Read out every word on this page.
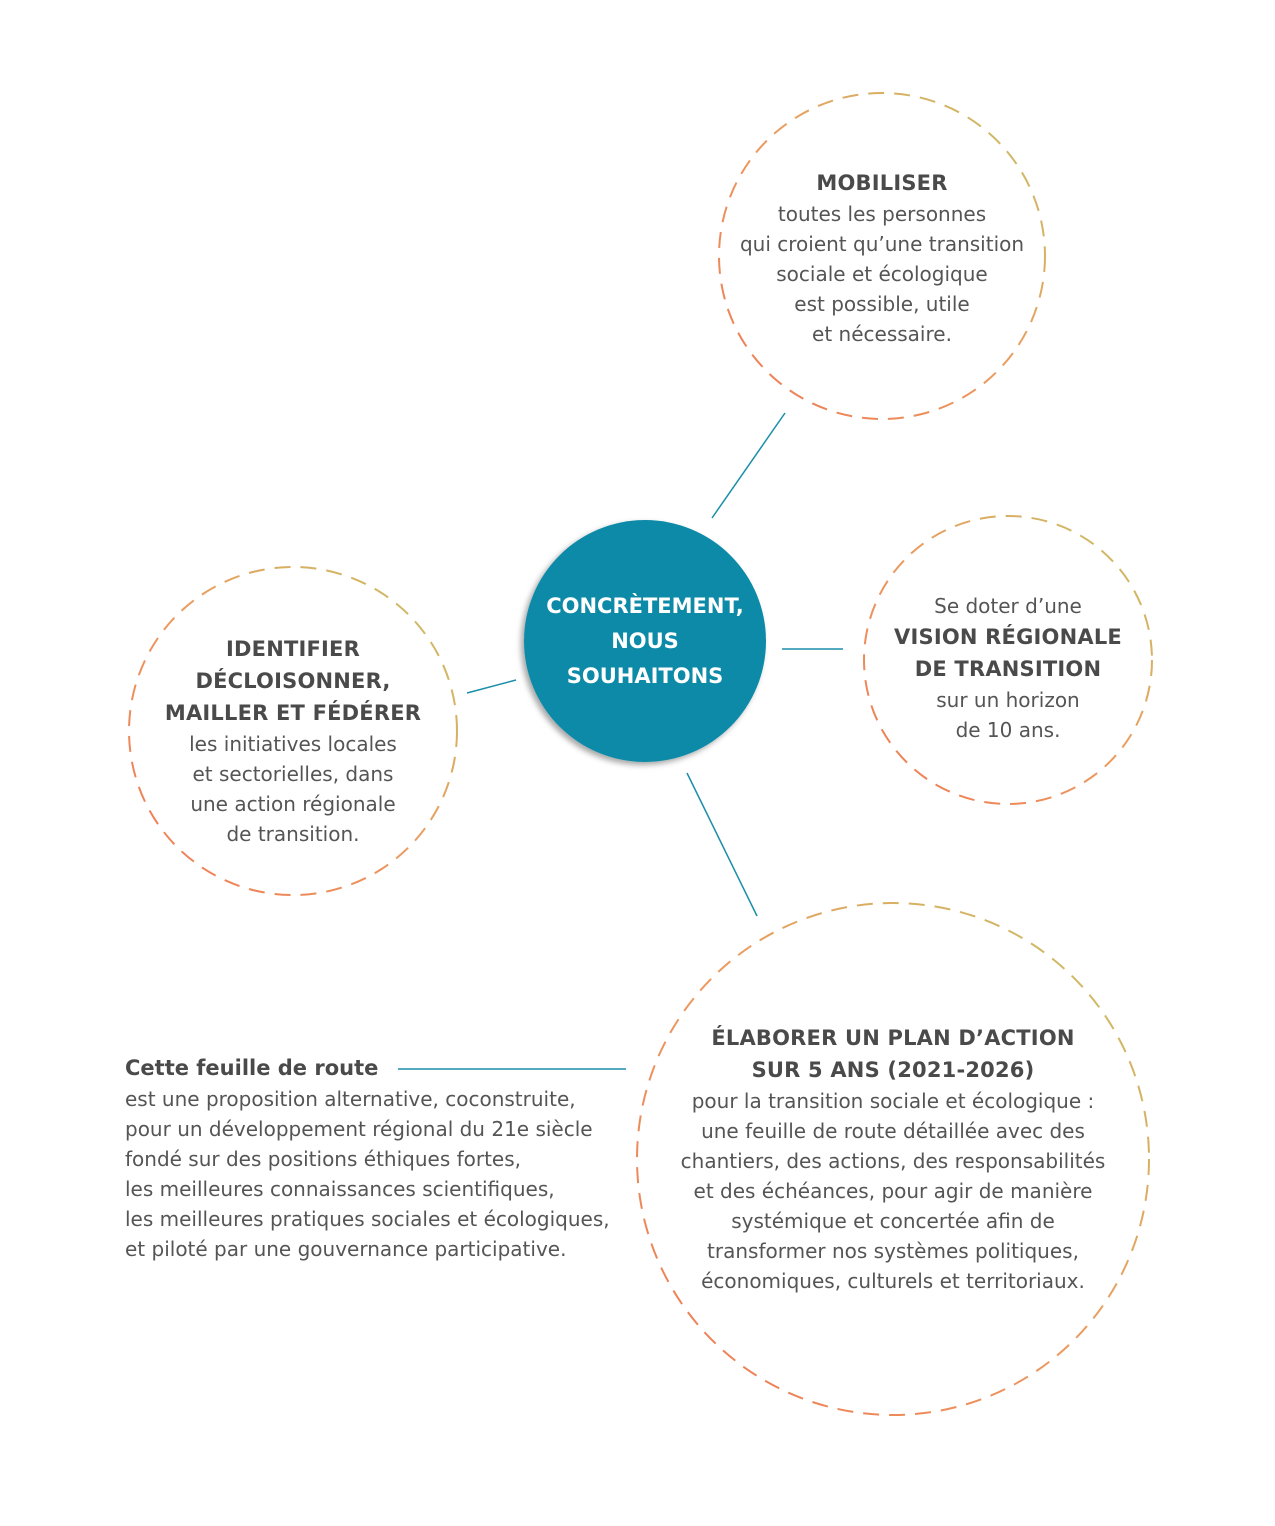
CONCRÈTEMENT,
NOUS
SOUHAITONS
MOBILISER
toutes les personnes
qui croient qu’une transition
sociale et écologique
est possible, utile
et nécessaire.
Se doter d’une
VISION RÉGIONALE
DE TRANSITION
sur un horizon
de 10 ans.
IDENTIFIER
DÉCLOISONNER,
MAILLER ET FÉDÉRER
les initiatives locales
et sectorielles, dans
une action régionale
de transition.
ÉLABORER UN PLAN D’ACTION
SUR 5 ANS (2021-2026)
pour la transition sociale et écologique :
une feuille de route détaillée avec des
chantiers, des actions, des responsabilités
et des échéances, pour agir de manière
systémique et concertée afin de
transformer nos systèmes politiques,
économiques, culturels et territoriaux.
Cette feuille de route
est une proposition alternative, coconstruite,
pour un développement régional du 21e siècle
fondé sur des positions éthiques fortes,
les meilleures connaissances scientifiques,
les meilleures pratiques sociales et écologiques,
et piloté par une gouvernance participative.
